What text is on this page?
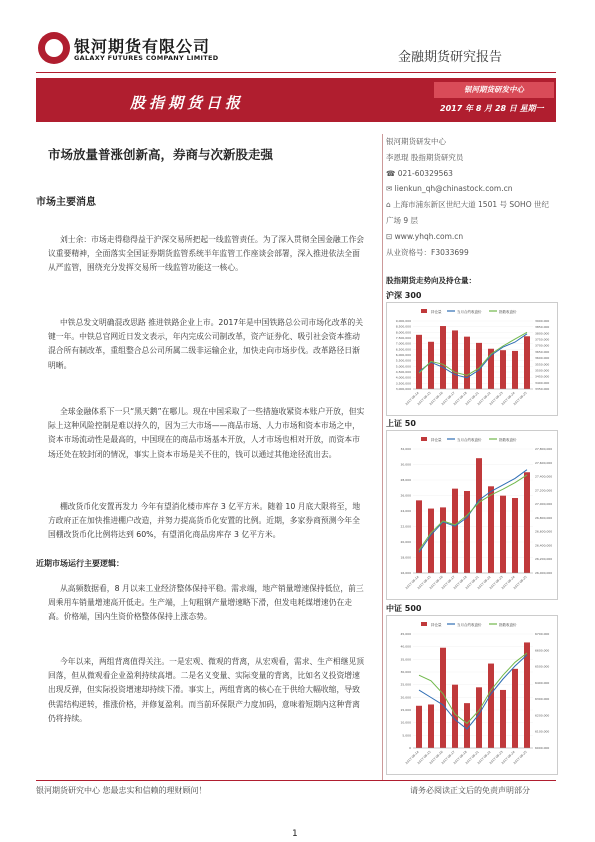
银河期货有限公司
GALAXY FUTURES COMPANY LIMITED	金融期货研究报告
股指期货日报
银河期货研发中心
2017 年 8 月 28 日 星期一
市场放量普涨创新高，券商与次新股走强
市场主要消息
刘士余：市场走得稳得益于沪深交易所把起一线监管责任。为了深入贯彻全国金融工作会议重要精神，全面落实全国证券期货监管系统半年监管工作座谈会部署，深入推进依法全面从严监管，围绕充分发挥交易所一线监管功能这一核心。
中铁总发文明确混改思路 推进铁路企业上市。2017年是中国铁路总公司市场化改革的关键一年。中铁总官网近日发文表示，年内完成公司制改革，资产证券化、吸引社会资本推动混合所有制改革，重组整合总公司所属二级非运输企业，加快走向市场步伐。改革路径日渐明晰。
全球金融体系下一只“黑天鹅”在哪儿。现在中国采取了一些措施收紧资本账户开放，但实际上这种风险控制是难以持久的，因为三大市场——商品市场、人力市场和资本市场之中，资本市场流动性是最高的，中国现在的商品市场基本开放，人才市场也相对开放，而资本市场还处在较封闭的情况，事实上资本市场是关不住的，钱可以通过其他途径流出去。
棚改货币化安置再发力 今年有望消化楼市库存 3 亿平方米。随着 10 月底大限将至，地方政府正在加快推进棚户改造，并努力提高货币化安置的比例。近期，多家券商预测今年全国棚改货币化比例将达到 60%，有望消化商品房库存 3 亿平方米。
近期市场运行主要逻辑：
从高频数据看，8 月以来工业经济整体保持平稳。需求端，地产销量增速保持低位，前三周乘用车销量增速高开低走。生产端，上旬粗钢产量增速略下滑，但发电耗煤增速仍在走高。价格端，国内生资价格整体保持上涨态势。
今年以来，两组背离值得关注。一是宏观、微观的背离，从宏观看，需求、生产相继见顶回落，但从微观看企业盈利持续高增。二是名义变量、实际变量的背离，比如名义投资增速出现反弹，但实际投资增速却持续下滑。事实上，两组背离的核心在于供给大幅收缩，导致供需结构逆转，推涨价格，并修复盈利。而当前环保限产力度加码，意味着短期内这种背离仍将持续。
银河期货研发中心
李恩琨 股指期货研究员
☎ 021-60329563
✉ lienkun_qh@chinastock.com.cn
⌂ 上海市浦东新区世纪大道 1501 号 SOHO 世纪广场 9 层
⊡ www.yhqh.com.cn
从业资格号：F3033699
股指期货走势向及持仓量：
沪深 300
持仓量	当月合约收盘价	指数收盘价
9,000,000
8,500,000
8,000,000
7,500,000
7,000,000
6,500,000
6,000,000
5,500,000
5,000,000
4,500,000
4,000,000
3,500,000
3,000,000
3900.000
3850.000
3800.000
3750.000
3700.000
3650.000
3600.000
3550.000
3500.000
3450.000
3400.000
3350.000
2017-08-14
2017-08-15
2017-08-16
2017-08-17
2017-08-18
2017-08-21
2017-08-22
2017-08-23
2017-08-24
2017-08-25
上证 50
持仓量	当月合约收盘价	指数收盘价
32,000
30,000
28,000
26,000
24,000
22,000
20,000
18,000
16,000
27,800,000
27,600,000
27,400,000
27,200,000
27,000,000
26,800,000
26,600,000
26,400,000
26,200,000
26,000,000
2017-08-14
2017-08-15
2017-08-16
2017-08-17
2017-08-18
2017-08-21
2017-08-22
2017-08-23
2017-08-24
2017-08-25
中证 500
持仓量	当月合约收盘价	指数收盘价
45,000
40,000
35,000
30,000
25,000
20,000
15,000
10,000
5,000
0
6700.000
6600.000
6500.000
6400.000
6300.000
6200.000
6100.000
6000.000
2017-08-14
2017-08-15
2017-08-16
2017-08-17
2017-08-18
2017-08-21
2017-08-22
2017-08-23
2017-08-24
2017-08-25
银河期货研究中心 您最忠实和信赖的理财顾问！	请务必阅读正文后的免责声明部分
1
